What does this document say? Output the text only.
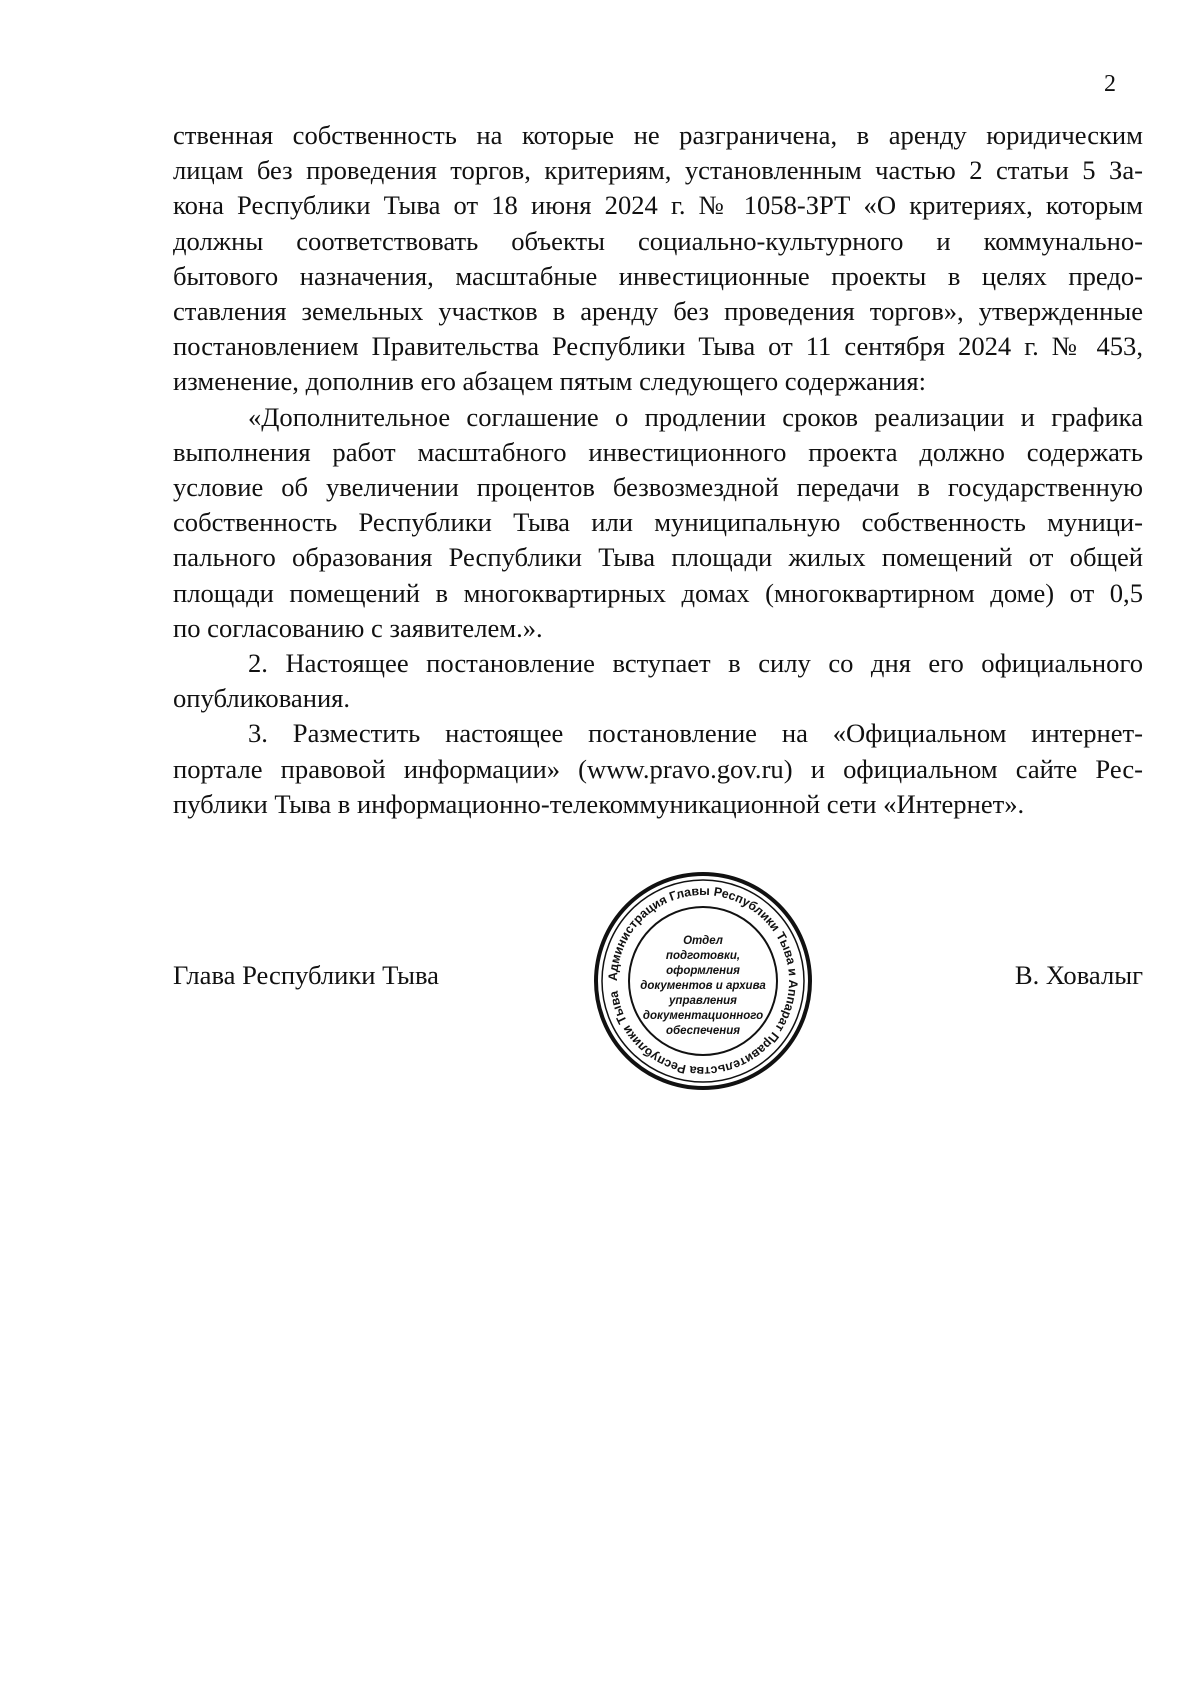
2
ственная собственность на которые не разграничена, в аренду юридическим
лицам без проведения торгов, критериям, установленным частью 2 статьи 5 За-
кона Республики Тыва от 18 июня 2024 г. № 1058-ЗРТ «О критериях, которым
должны соответствовать объекты социально-культурного и коммунально-
бытового назначения, масштабные инвестиционные проекты в целях предо-
ставления земельных участков в аренду без проведения торгов», утвержденные
постановлением Правительства Республики Тыва от 11 сентября 2024 г. № 453,
изменение, дополнив его абзацем пятым следующего содержания:
«Дополнительное соглашение о продлении сроков реализации и графика
выполнения работ масштабного инвестиционного проекта должно содержать
условие об увеличении процентов безвозмездной передачи в государственную
собственность Республики Тыва или муниципальную собственность муници-
пального образования Республики Тыва площади жилых помещений от общей
площади помещений в многоквартирных домах (многоквартирном доме) от 0,5
по согласованию с заявителем.».
2. Настоящее постановление вступает в силу со дня его официального
опубликования.
3. Разместить настоящее постановление на «Официальном интернет-
портале правовой информации» (www.pravo.gov.ru) и официальном сайте Рес-
публики Тыва в информационно-телекоммуникационной сети «Интернет».
Глава Республики Тыва	В. Ховалыг
Администрация Главы Республики Тыва и Аппарат Правительства Республики Тыва
Отдел
подготовки,
оформления
документов и архива
управления
документационного
обеспечения
